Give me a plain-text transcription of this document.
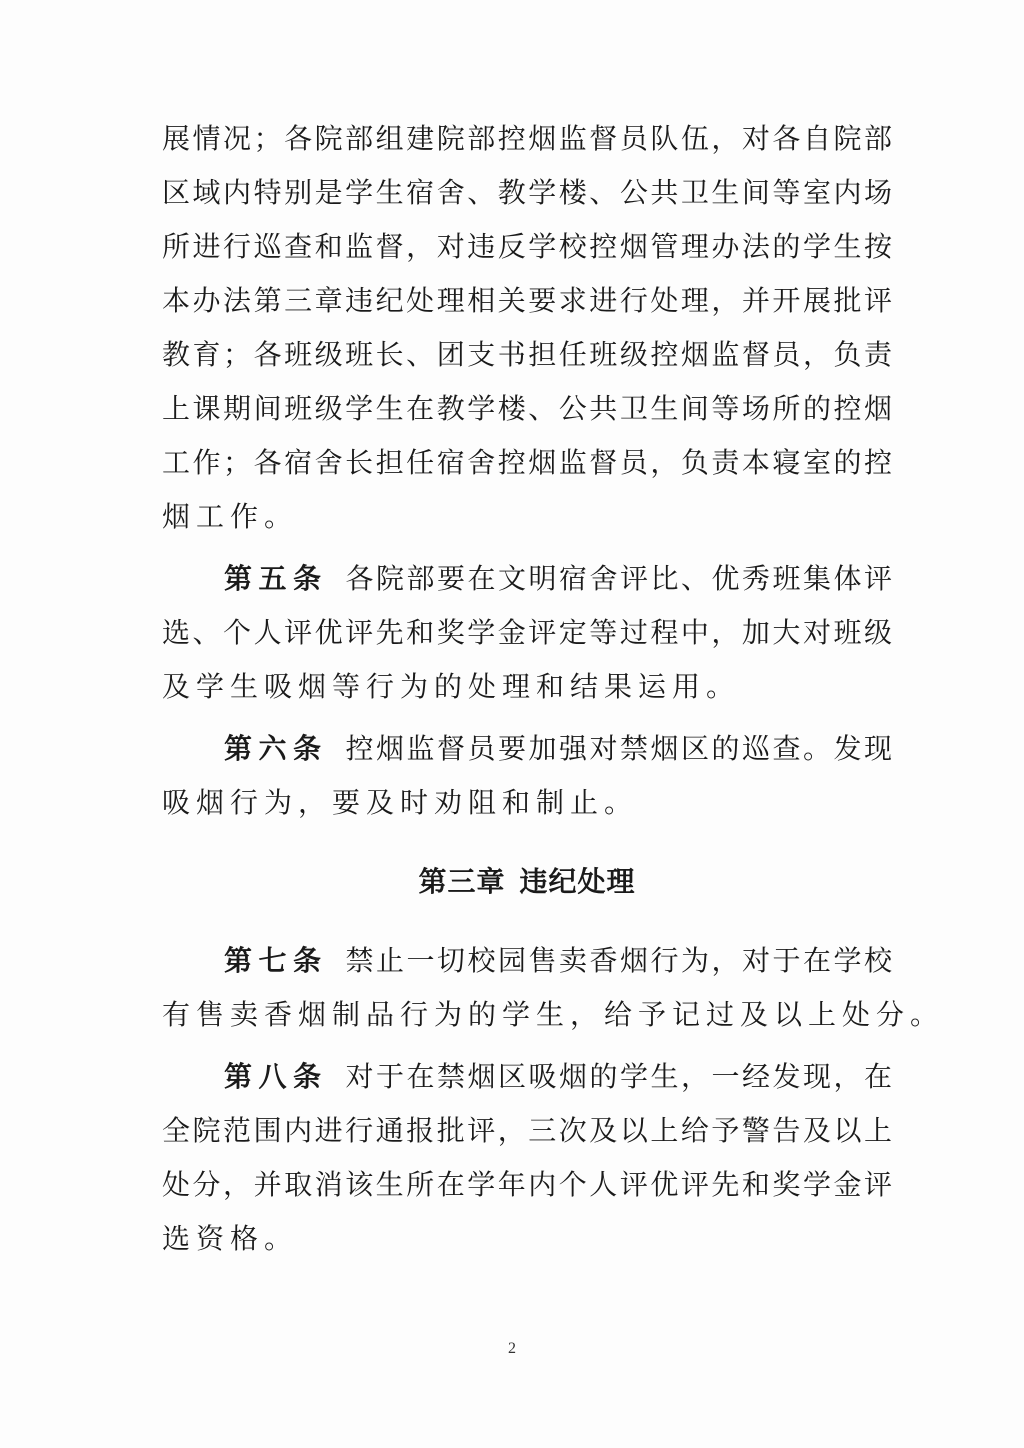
展情况；各院部组建院部控烟监督员队伍，对各自院部
区域内特别是学生宿舍、教学楼、公共卫生间等室内场
所进行巡查和监督，对违反学校控烟管理办法的学生按
本办法第三章违纪处理相关要求进行处理，并开展批评
教育；各班级班长、团支书担任班级控烟监督员，负责
上课期间班级学生在教学楼、公共卫生间等场所的控烟
工作；各宿舍长担任宿舍控烟监督员，负责本寝室的控
烟工作。
第五条 各院部要在文明宿舍评比、优秀班集体评
选、个人评优评先和奖学金评定等过程中，加大对班级
及学生吸烟等行为的处理和结果运用。
第六条 控烟监督员要加强对禁烟区的巡查。发现
吸烟行为，要及时劝阻和制止。
第三章 违纪处理
第七条 禁止一切校园售卖香烟行为，对于在学校
有售卖香烟制品行为的学生，给予记过及以上处分。
第八条 对于在禁烟区吸烟的学生，一经发现，在
全院范围内进行通报批评，三次及以上给予警告及以上
处分，并取消该生所在学年内个人评优评先和奖学金评
选资格。
2
